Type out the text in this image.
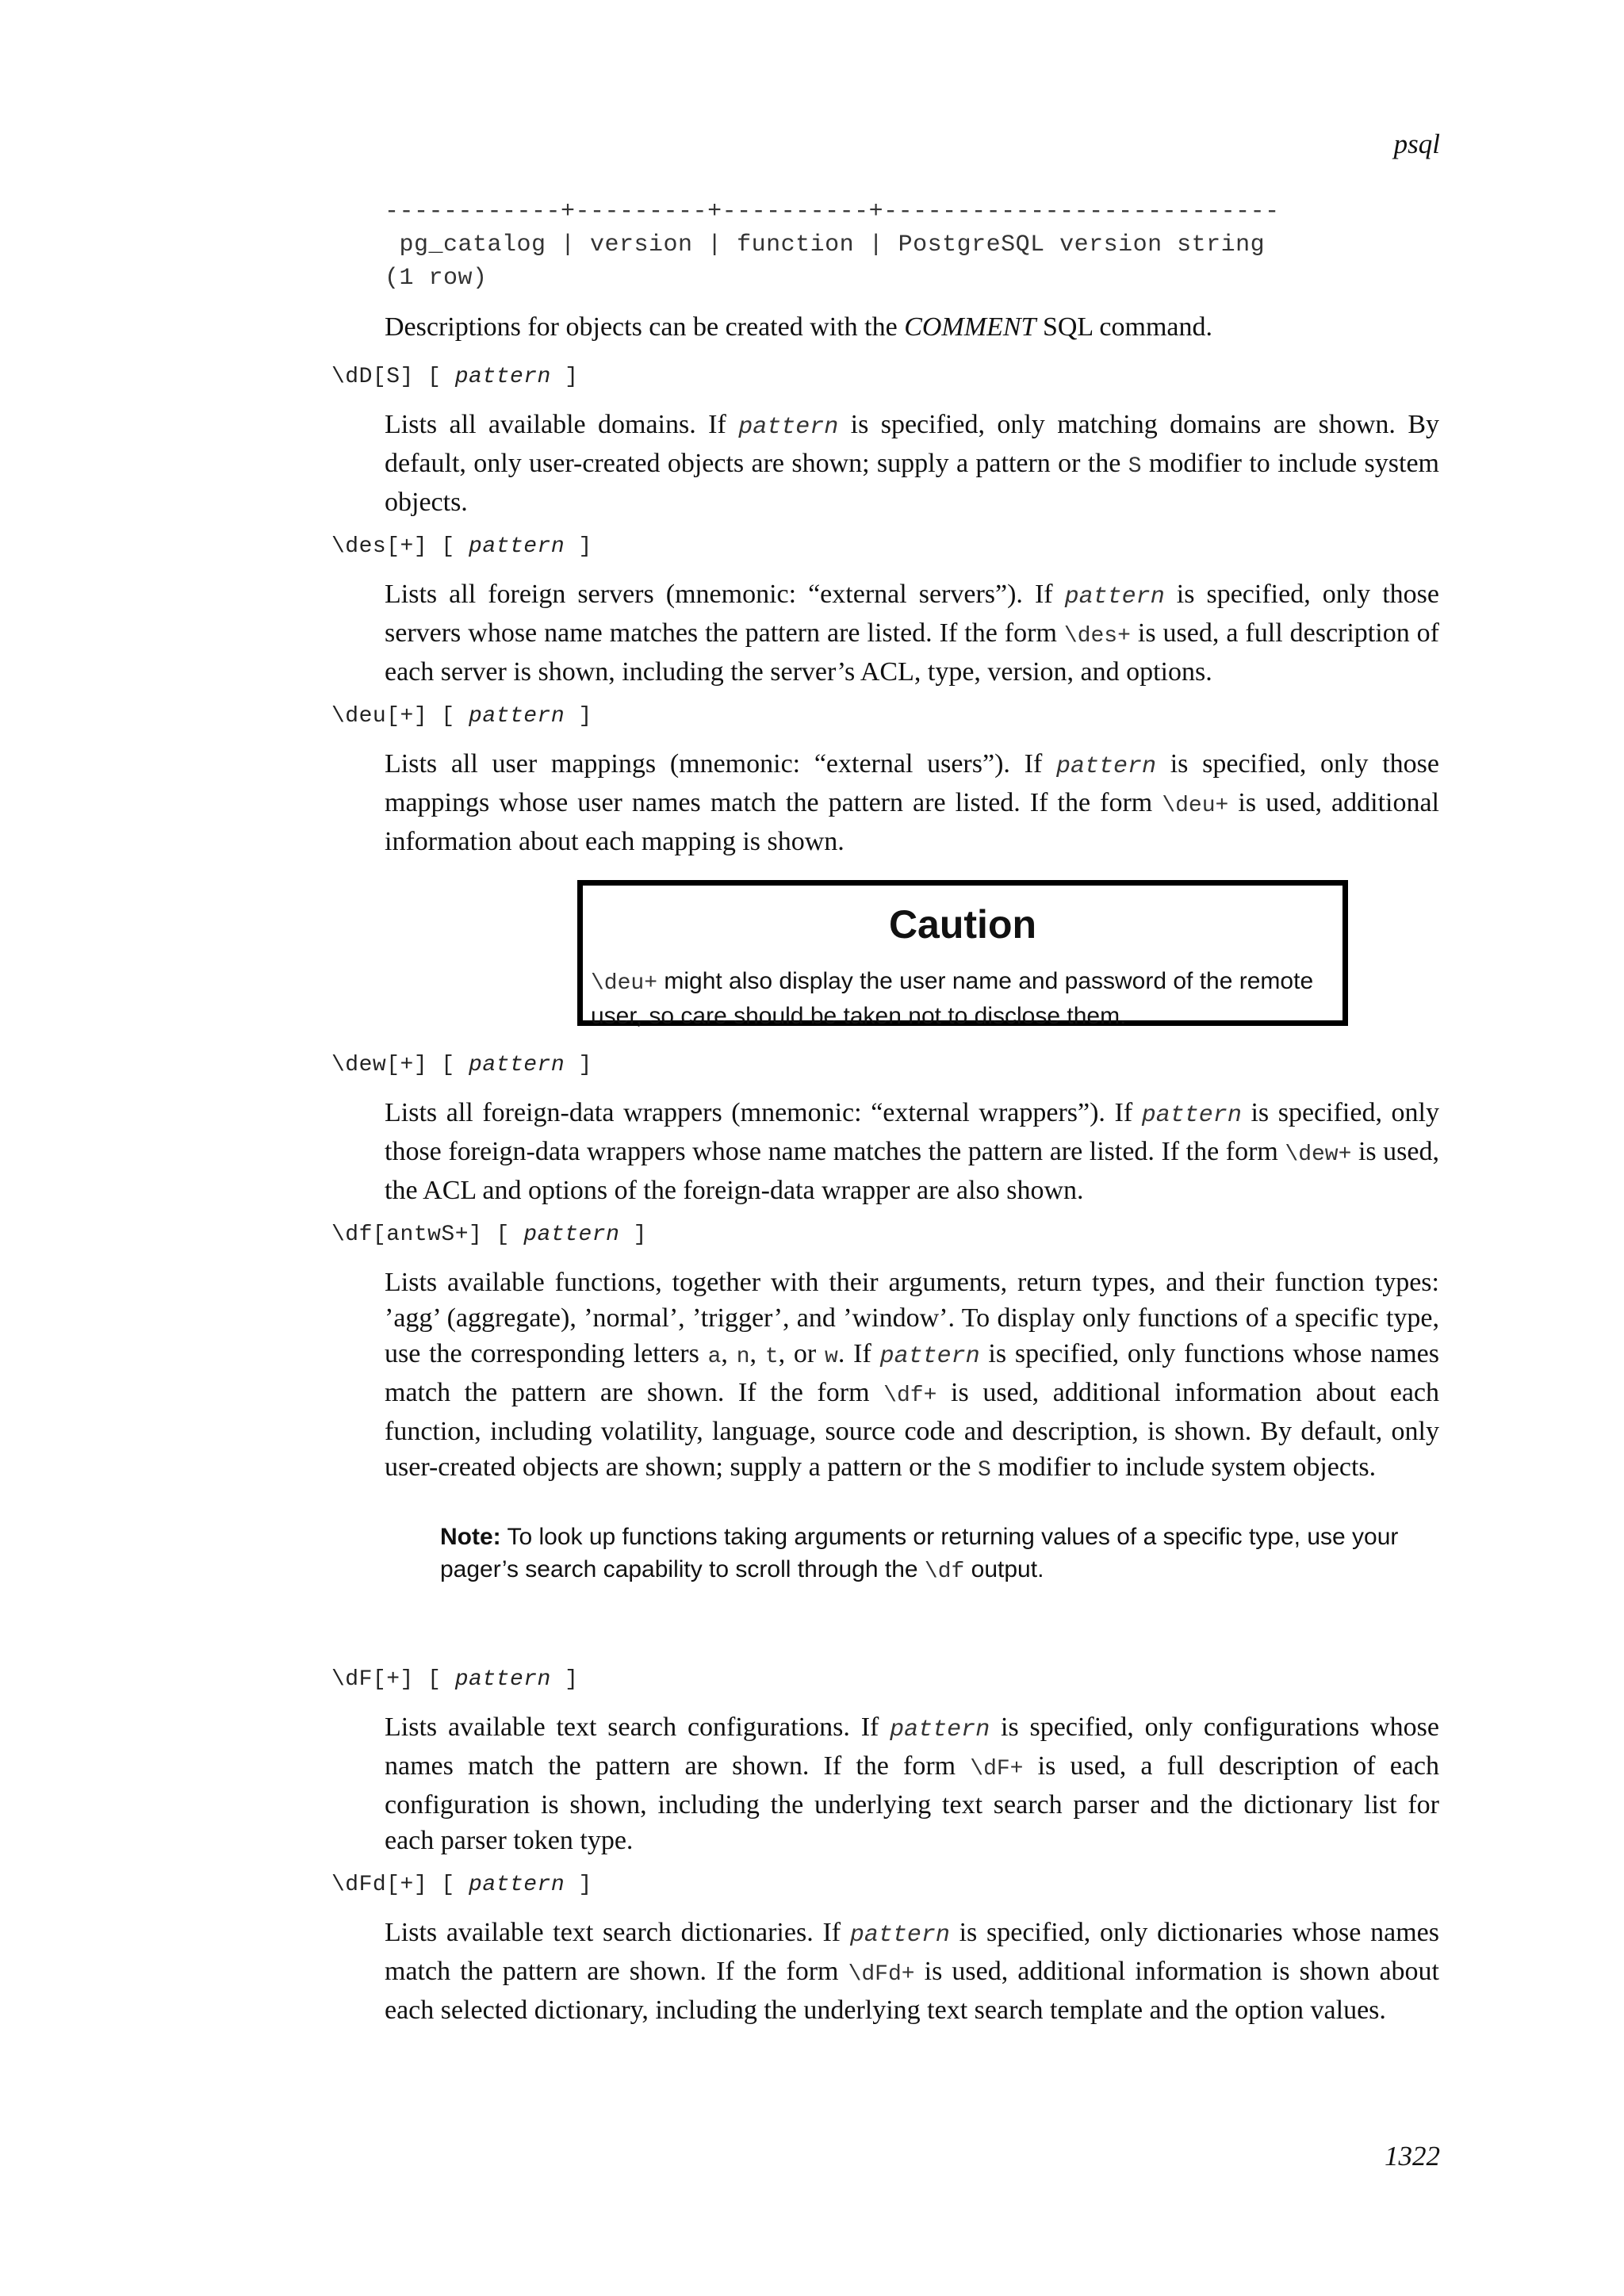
psql
------------+---------+----------+---------------------------
pg_catalog | version | function | PostgreSQL version string
(1 row)
Descriptions for objects can be created with the COMMENT SQL command.
\dD[S] [ pattern ]
Lists all available domains. If pattern is specified, only matching domains are shown. By default, only user-created objects are shown; supply a pattern or the S modifier to include system objects.
\des[+] [ pattern ]
Lists all foreign servers (mnemonic: “external servers”). If pattern is specified, only those servers whose name matches the pattern are listed. If the form \des+ is used, a full description of each server is shown, including the server’s ACL, type, version, and options.
\deu[+] [ pattern ]
Lists all user mappings (mnemonic: “external users”). If pattern is specified, only those mappings whose user names match the pattern are listed. If the form \deu+ is used, additional information about each mapping is shown.
Caution
\deu+ might also display the user name and password of the remote user, so care should be taken not to disclose them.
\dew[+] [ pattern ]
Lists all foreign-data wrappers (mnemonic: “external wrappers”). If pattern is specified, only those foreign-data wrappers whose name matches the pattern are listed. If the form \dew+ is used, the ACL and options of the foreign-data wrapper are also shown.
\df[antwS+] [ pattern ]
Lists available functions, together with their arguments, return types, and their function types: ’agg’ (aggregate), ’normal’, ’trigger’, and ’window’. To display only functions of a specific type, use the corresponding letters a, n, t, or w. If pattern is specified, only functions whose names match the pattern are shown. If the form \df+ is used, additional information about each function, including volatility, language, source code and description, is shown. By default, only user-created objects are shown; supply a pattern or the S modifier to include system objects.
Note: To look up functions taking arguments or returning values of a specific type, use your pager’s search capability to scroll through the \df output.
\dF[+] [ pattern ]
Lists available text search configurations. If pattern is specified, only configurations whose names match the pattern are shown. If the form \dF+ is used, a full description of each configuration is shown, including the underlying text search parser and the dictionary list for each parser token type.
\dFd[+] [ pattern ]
Lists available text search dictionaries. If pattern is specified, only dictionaries whose names match the pattern are shown. If the form \dFd+ is used, additional information is shown about each selected dictionary, including the underlying text search template and the option values.
1322
